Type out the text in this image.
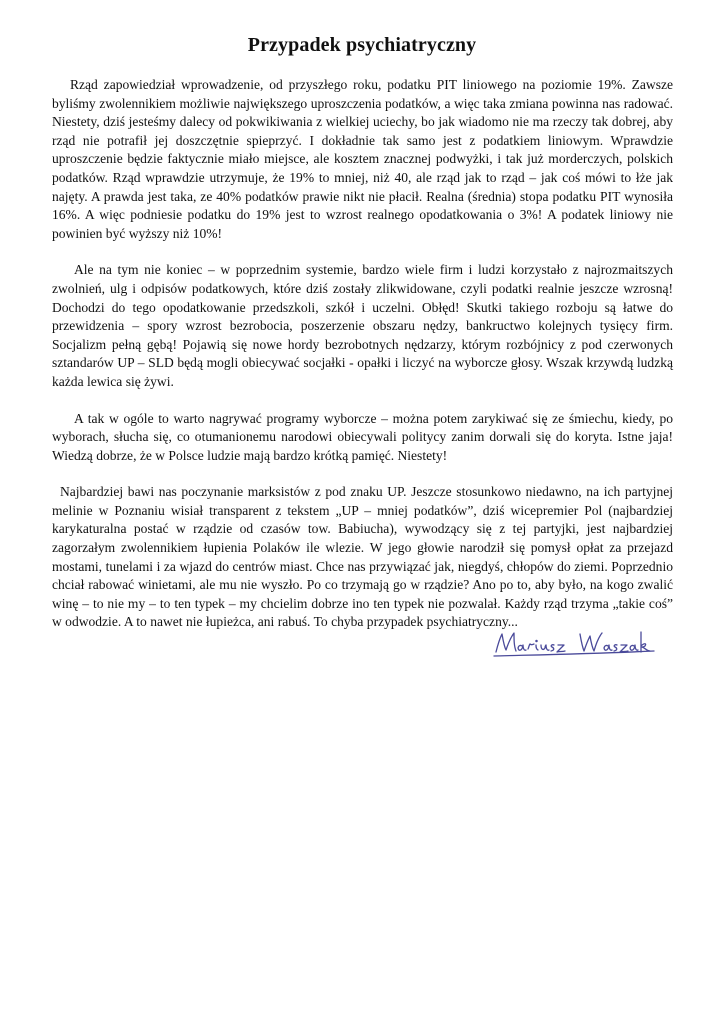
Przypadek psychiatryczny

Rząd zapowiedział wprowadzenie, od przyszłego roku, podatku PIT liniowego na poziomie 19%. Zawsze byliśmy zwolennikiem możliwie największego uproszczenia podatków, a więc taka zmiana powinna nas radować. Niestety, dziś jesteśmy dalecy od pokwikiwania z wielkiej uciechy, bo jak wiadomo nie ma rzeczy tak dobrej, aby rząd nie potrafił jej doszczętnie spieprzyć. I dokładnie tak samo jest z podatkiem liniowym. Wprawdzie uproszczenie będzie faktycznie miało miejsce, ale kosztem znacznej podwyżki, i tak już morderczych, polskich podatków. Rząd wprawdzie utrzymuje, że 19% to mniej, niż 40, ale rząd jak to rząd – jak coś mówi to łże jak najęty. A prawda jest taka, ze 40% podatków prawie nikt nie płacił. Realna (średnia) stopa podatku PIT wynosiła 16%. A więc podniesie podatku do 19% jest to wzrost realnego opodatkowania o 3%! A podatek liniowy nie powinien być wyższy niż 10%!

Ale na tym nie koniec – w poprzednim systemie, bardzo wiele firm i ludzi korzystało z najrozmaitszych zwolnień, ulg i odpisów podatkowych, które dziś zostały zlikwidowane, czyli podatki realnie jeszcze wzrosną! Dochodzi do tego opodatkowanie przedszkoli, szkół i uczelni. Obłęd! Skutki takiego rozboju są łatwe do przewidzenia – spory wzrost bezrobocia, poszerzenie obszaru nędzy, bankructwo kolejnych tysięcy firm. Socjalizm pełną gębą! Pojawią się nowe hordy bezrobotnych nędzarzy, którym rozbójnicy z pod czerwonych sztandarów UP – SLD będą mogli obiecywać socjałki - opałki i liczyć na wyborcze głosy. Wszak krzywdą ludzką każda lewica się żywi.

A tak w ogóle to warto nagrywać programy wyborcze – można potem zarykiwać się ze śmiechu, kiedy, po wyborach, słucha się, co otumanionemu narodowi obiecywali politycy zanim dorwali się do koryta. Istne jaja! Wiedzą dobrze, że w Polsce ludzie mają bardzo krótką pamięć. Niestety!

Najbardziej bawi nas poczynanie marksistów z pod znaku UP. Jeszcze stosunkowo niedawno, na ich partyjnej melinie w Poznaniu wisiał transparent z tekstem „UP – mniej podatków”, dziś wicepremier Pol (najbardziej karykaturalna postać w rządzie od czasów tow. Babiucha), wywodzący się z tej partyjki, jest najbardziej zagorzałym zwolennikiem łupienia Polaków ile wlezie. W jego głowie narodził się pomysł opłat za przejazd mostami, tunelami i za wjazd do centrów miast. Chce nas przywiązać jak, niegdyś, chłopów do ziemi. Poprzednio chciał rabować winietami, ale mu nie wyszło. Po co trzymają go w rządzie? Ano po to, aby było, na kogo zwalić winę – to nie my – to ten typek – my chcielim dobrze ino ten typek nie pozwalał. Każdy rząd trzyma „takie coś” w odwodzie. A to nawet nie łupieżca, ani rabuś. To chyba przypadek psychiatryczny...
